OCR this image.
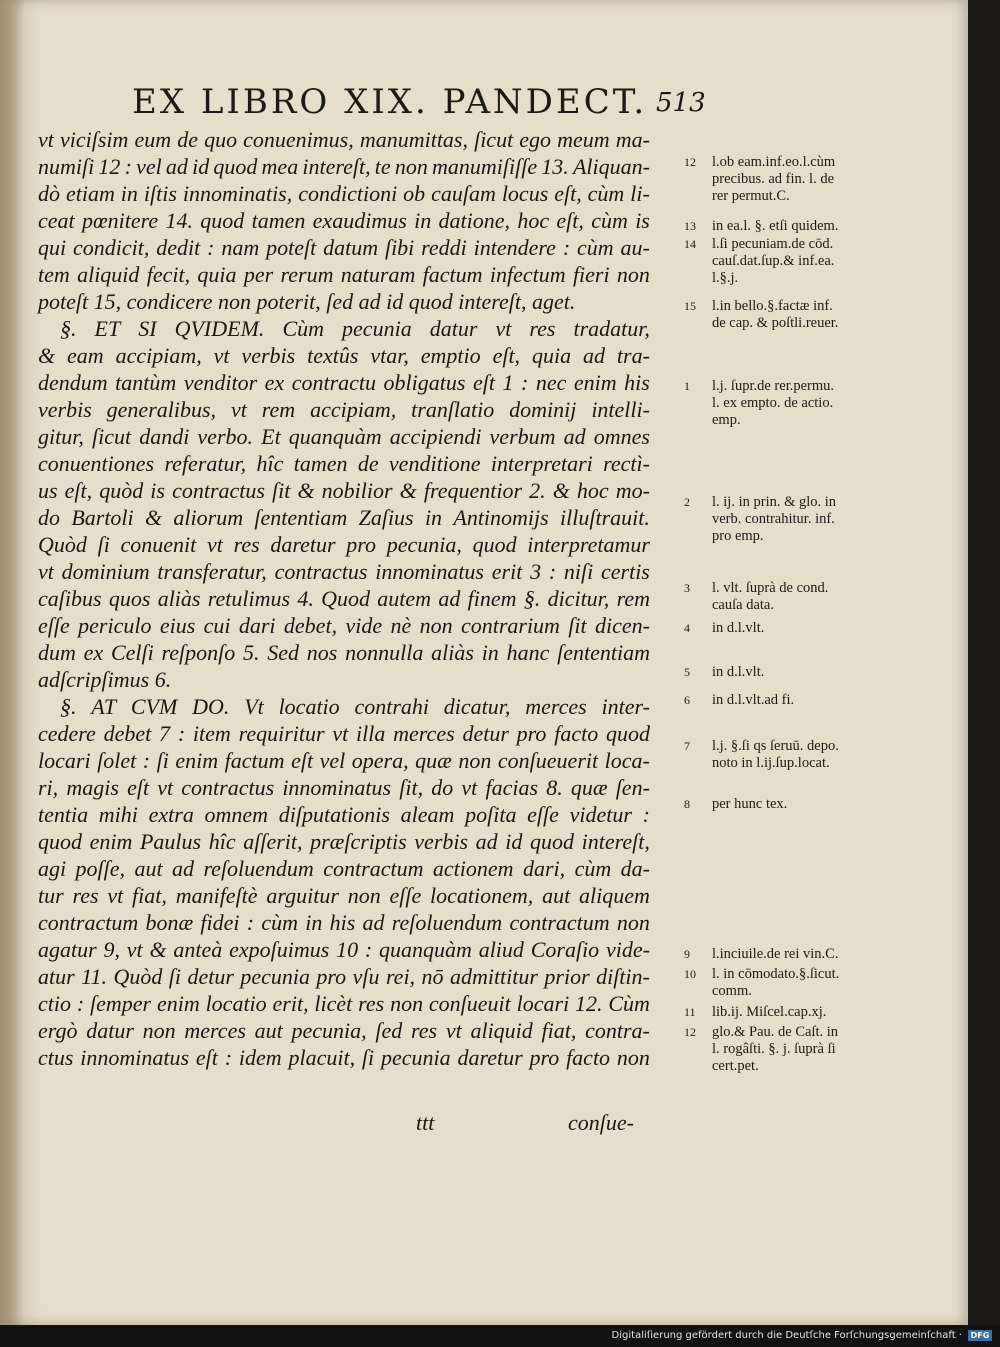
EX LIBRO XIX. PANDECT. 513
vt viciſsim eum de quo conuenimus, manumittas, ſicut ego meum ma-
numiſi 12 : vel ad id quod mea intereſt, te non manumiſiſſe 13. Aliquan-
dò etiam in iſtis innominatis, condictioni ob cauſam locus eſt, cùm li-
ceat pœnitere 14. quod tamen exaudimus in datione, hoc eſt, cùm is
qui condicit, dedit : nam poteſt datum ſibi reddi intendere : cùm au-
tem aliquid fecit, quia per rerum naturam factum infectum fieri non
poteſt 15, condicere non poterit, ſed ad id quod intereſt, aget.
§. ET SI QVIDEM. Cùm pecunia datur vt res tradatur,
& eam accipiam, vt verbis textûs vtar, emptio eſt, quia ad tra-
dendum tantùm venditor ex contractu obligatus eſt 1 : nec enim his
verbis generalibus, vt rem accipiam, tranſlatio dominij intelli-
gitur, ſicut dandi verbo. Et quanquàm accipiendi verbum ad omnes
conuentiones referatur, hîc tamen de venditione interpretari rectì-
us eſt, quòd is contractus ſit & nobilior & frequentior 2. & hoc mo-
do Bartoli & aliorum ſententiam Zaſius in Antinomijs illuſtrauit.
Quòd ſi conuenit vt res daretur pro pecunia, quod interpretamur
vt dominium transferatur, contractus innominatus erit 3 : niſi certis
caſibus quos aliàs retulimus 4. Quod autem ad finem §. dicitur, rem
eſſe periculo eius cui dari debet, vide nè non contrarium ſit dicen-
dum ex Celſi reſponſo 5. Sed nos nonnulla aliàs in hanc ſententiam
adſcripſimus 6.
§. AT CVM DO. Vt locatio contrahi dicatur, merces inter-
cedere debet 7 : item requiritur vt illa merces detur pro facto quod
locari ſolet : ſi enim factum eſt vel opera, quæ non conſueuerit loca-
ri, magis eſt vt contractus innominatus ſit, do vt facias 8. quæ ſen-
tentia mihi extra omnem diſputationis aleam poſita eſſe videtur :
quod enim Paulus hîc aſſerit, præſcriptis verbis ad id quod intereſt,
agi poſſe, aut ad reſoluendum contractum actionem dari, cùm da-
tur res vt fiat, manifeſtè arguitur non eſſe locationem, aut aliquem
contractum bonæ fidei : cùm in his ad reſoluendum contractum non
agatur 9, vt & anteà expoſuimus 10 : quanquàm aliud Coraſio vide-
atur 11. Quòd ſi detur pecunia pro vſu rei, nō admittitur prior diſtin-
ctio : ſemper enim locatio erit, licèt res non conſueuit locari 12. Cùm
ergò datur non merces aut pecunia, ſed res vt aliquid fiat, contra-
ctus innominatus eſt : idem placuit, ſi pecunia daretur pro facto non
12 l.ob eam.inf.eo.l.cùm
precibus. ad fin. l. de
rer permut.C.
13 in ea.l. §. etſi quidem.
14 l.ſi pecuniam.de cōd.
cauſ.dat.ſup.& inf.ea.
l.§.j.
15 l.in bello.§.factæ inf.
de cap. & poſtli.reuer.
1 l.j. ſupr.de rer.permu.
l. ex empto. de actio.
emp.
2 l. ij. in prin. & glo. in
verb. contrahitur. inf.
pro emp.
3 l. vlt. ſuprà de cond.
cauſa data.
4 in d.l.vlt.
5 in d.l.vlt.
6 in d.l.vlt.ad fi.
7 l.j. §.ſi qs ſeruū. depo.
noto in l.ij.ſup.locat.
8 per hunc tex.
9 l.inciuile.de rei vin.C.
10 l. in cōmodato.§.ſicut.
comm.
11 lib.ij. Miſcel.cap.xj.
12 glo.& Pau. de Caſt. in
l. rogâſti. §. j. ſuprà ſi
cert.pet.
ttt	conſue-
Digitaliſierung gefördert durch die Deutſche Forſchungsgemeinſchaft ·	DFG
